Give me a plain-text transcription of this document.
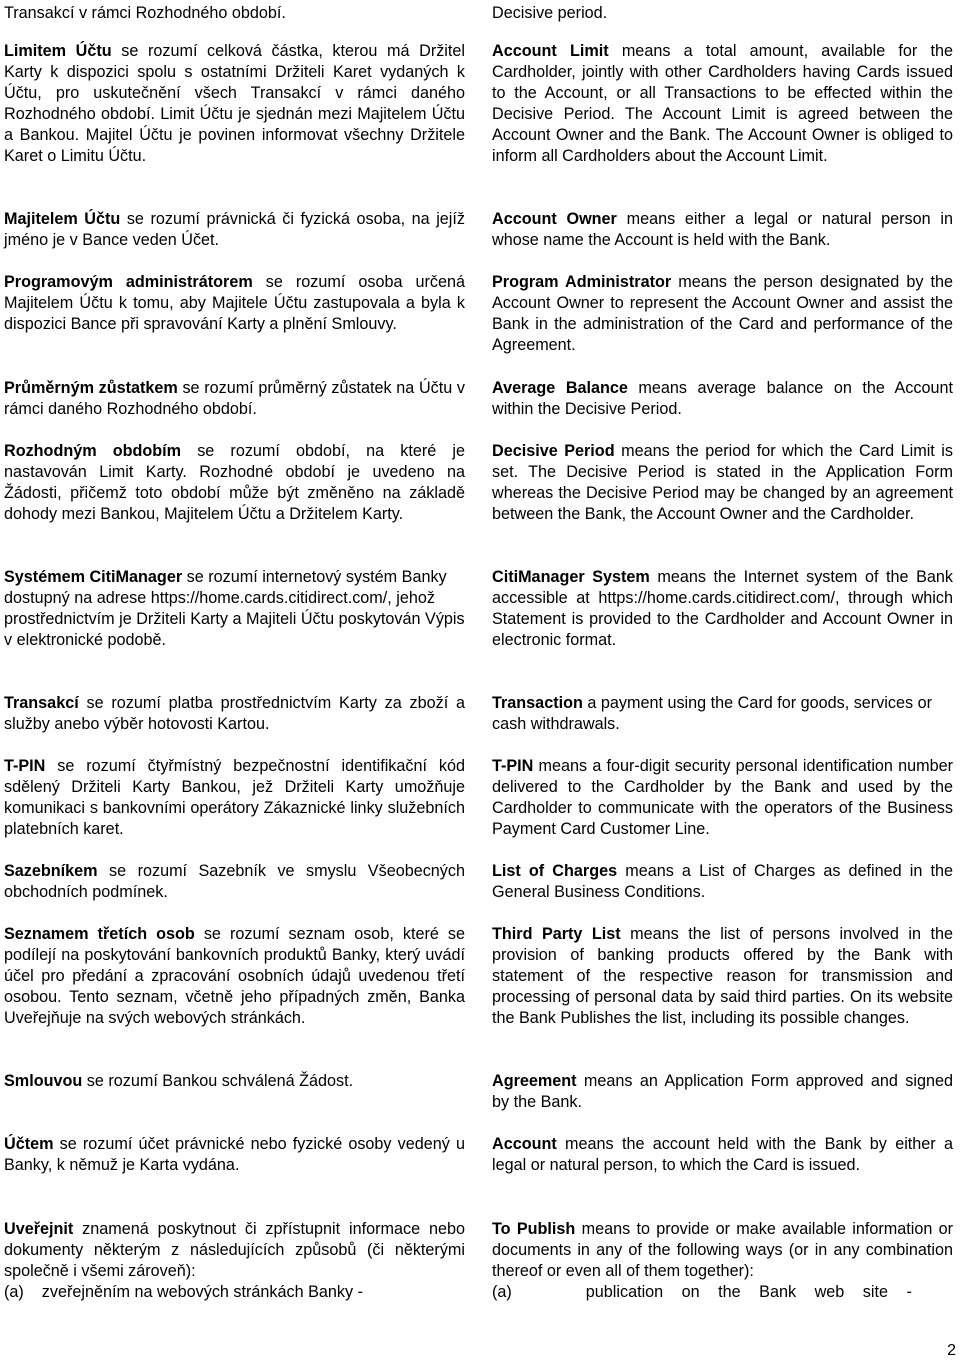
Transakcí v rámci Rozhodného období.

Limitem Účtu se rozumí celková částka, kterou má Držitel Karty k dispozici spolu s ostatními Držiteli Karet vydaných k Účtu, pro uskutečnění všech Transakcí v rámci daného Rozhodného období. Limit Účtu je sjednán mezi Majitelem Účtu a Bankou. Majitel Účtu je povinen informovat všechny Držitele Karet o Limitu Účtu.

Majitelem Účtu se rozumí právnická či fyzická osoba, na jejíž jméno je v Bance veden Účet.

Programovým administrátorem se rozumí osoba určená Majitelem Účtu k tomu, aby Majitele Účtu zastupovala a byla k dispozici Bance při spravování Karty a plnění Smlouvy.

Průměrným zůstatkem se rozumí průměrný zůstatek na Účtu v rámci daného Rozhodného období.

Rozhodným obdobím se rozumí období, na které je nastavován Limit Karty. Rozhodné období je uvedeno na Žádosti, přičemž toto období může být změněno na základě dohody mezi Bankou, Majitelem Účtu a Držitelem Karty.

Systémem CitiManager se rozumí internetový systém Banky dostupný na adrese https://home.cards.citidirect.com/, jehož prostřednictvím je Držiteli Karty a Majiteli Účtu poskytován Výpis v elektronické podobě.

Transakcí se rozumí platba prostřednictvím Karty za zboží a služby anebo výběr hotovosti Kartou.

T-PIN se rozumí čtyřmístný bezpečnostní identifikační kód sdělený Držiteli Karty Bankou, jež Držiteli Karty umožňuje komunikaci s bankovními operátory Zákaznické linky služebních platebních karet.

Sazebníkem se rozumí Sazebník ve smyslu Všeobecných obchodních podmínek.

Seznamem třetích osob se rozumí seznam osob, které se podílejí na poskytování bankovních produktů Banky, který uvádí účel pro předání a zpracování osobních údajů uvedenou třetí osobou. Tento seznam, včetně jeho případných změn, Banka Uveřejňuje na svých webových stránkách.

Smlouvou se rozumí Bankou schválená Žádost.

Účtem se rozumí účet právnické nebo fyzické osoby vedený u Banky, k němuž je Karta vydána.

Uveřejnit znamená poskytnout či zpřístupnit informace nebo dokumenty některým z následujících způsobů (či některými společně i všemi zároveň):

(a)    zveřejněním na webových stránkách Banky -

Decisive period.

Account Limit means a total amount, available for the Cardholder, jointly with other Cardholders having Cards issued to the Account, or all Transactions to be effected within the Decisive Period. The Account Limit is agreed between the Account Owner and the Bank. The Account Owner is obliged to inform all Cardholders about the Account Limit.

Account Owner means either a legal or natural person in whose name the Account is held with the Bank.

Program Administrator means the person designated by the Account Owner to represent the Account Owner and assist the Bank in the administration of the Card and performance of the Agreement.

Average Balance means average balance on the Account within the Decisive Period.

Decisive Period means the period for which the Card Limit is set. The Decisive Period is stated in the Application Form whereas the Decisive Period may be changed by an agreement between the Bank, the Account Owner and the Cardholder.

CitiManager System means the Internet system of the Bank accessible at https://home.cards.citidirect.com/, through which Statement is provided to the Cardholder and Account Owner in electronic format.

Transaction a payment using the Card for goods, services or cash withdrawals.

T-PIN means a four-digit security personal identification number delivered to the Cardholder by the Bank and used by the Cardholder to communicate with the operators of the Business Payment Card Customer Line.

List of Charges means a List of Charges as defined in the General Business Conditions.

Third Party List means the list of persons involved in the provision of banking products offered by the Bank with statement of the respective reason for transmission and processing of personal data by said third parties. On its website the Bank Publishes the list, including its possible changes.

Agreement means an Application Form approved and signed by the Bank.

Account means the account held with the Bank by either a legal or natural person, to which the Card is issued.

To Publish means to provide or make available information or documents in any of the following ways (or in any combination thereof or even all of them together):

(a)    publication on the Bank web site -

2
